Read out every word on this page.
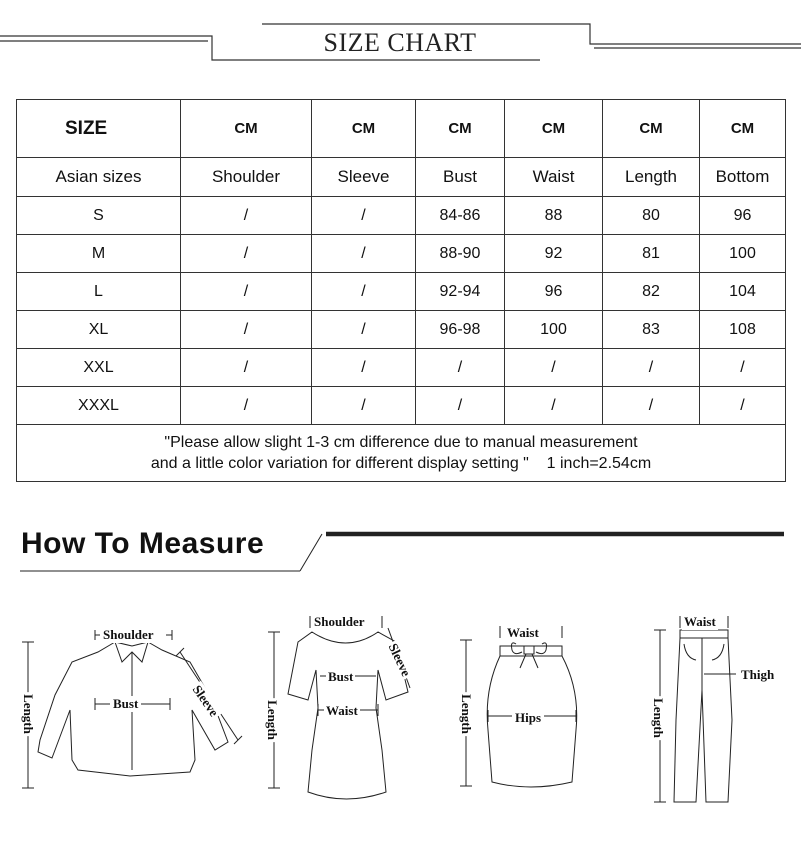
SIZE CHART
SIZE	CM	CM	CM	CM	CM	CM
Asian sizes	Shoulder	Sleeve	Bust	Waist	Length	Bottom
S	/	/	84-86	88	80	96
M	/	/	88-90	92	81	100
L	/	/	92-94	96	82	104
XL	/	/	96-98	100	83	108
XXL	/	/	/	/	/	/
XXXL	/	/	/	/	/	/
"Please allow slight 1-3 cm difference due to manual measurement
and a little color variation for different display setting " 1 inch=2.54cm						
How To Measure
Shoulder
Bust	Sleeve
Length
Shoulder
Bust
Waist
Sleeve
Length
Waist
Hips
Length
Waist
Thigh
Length
